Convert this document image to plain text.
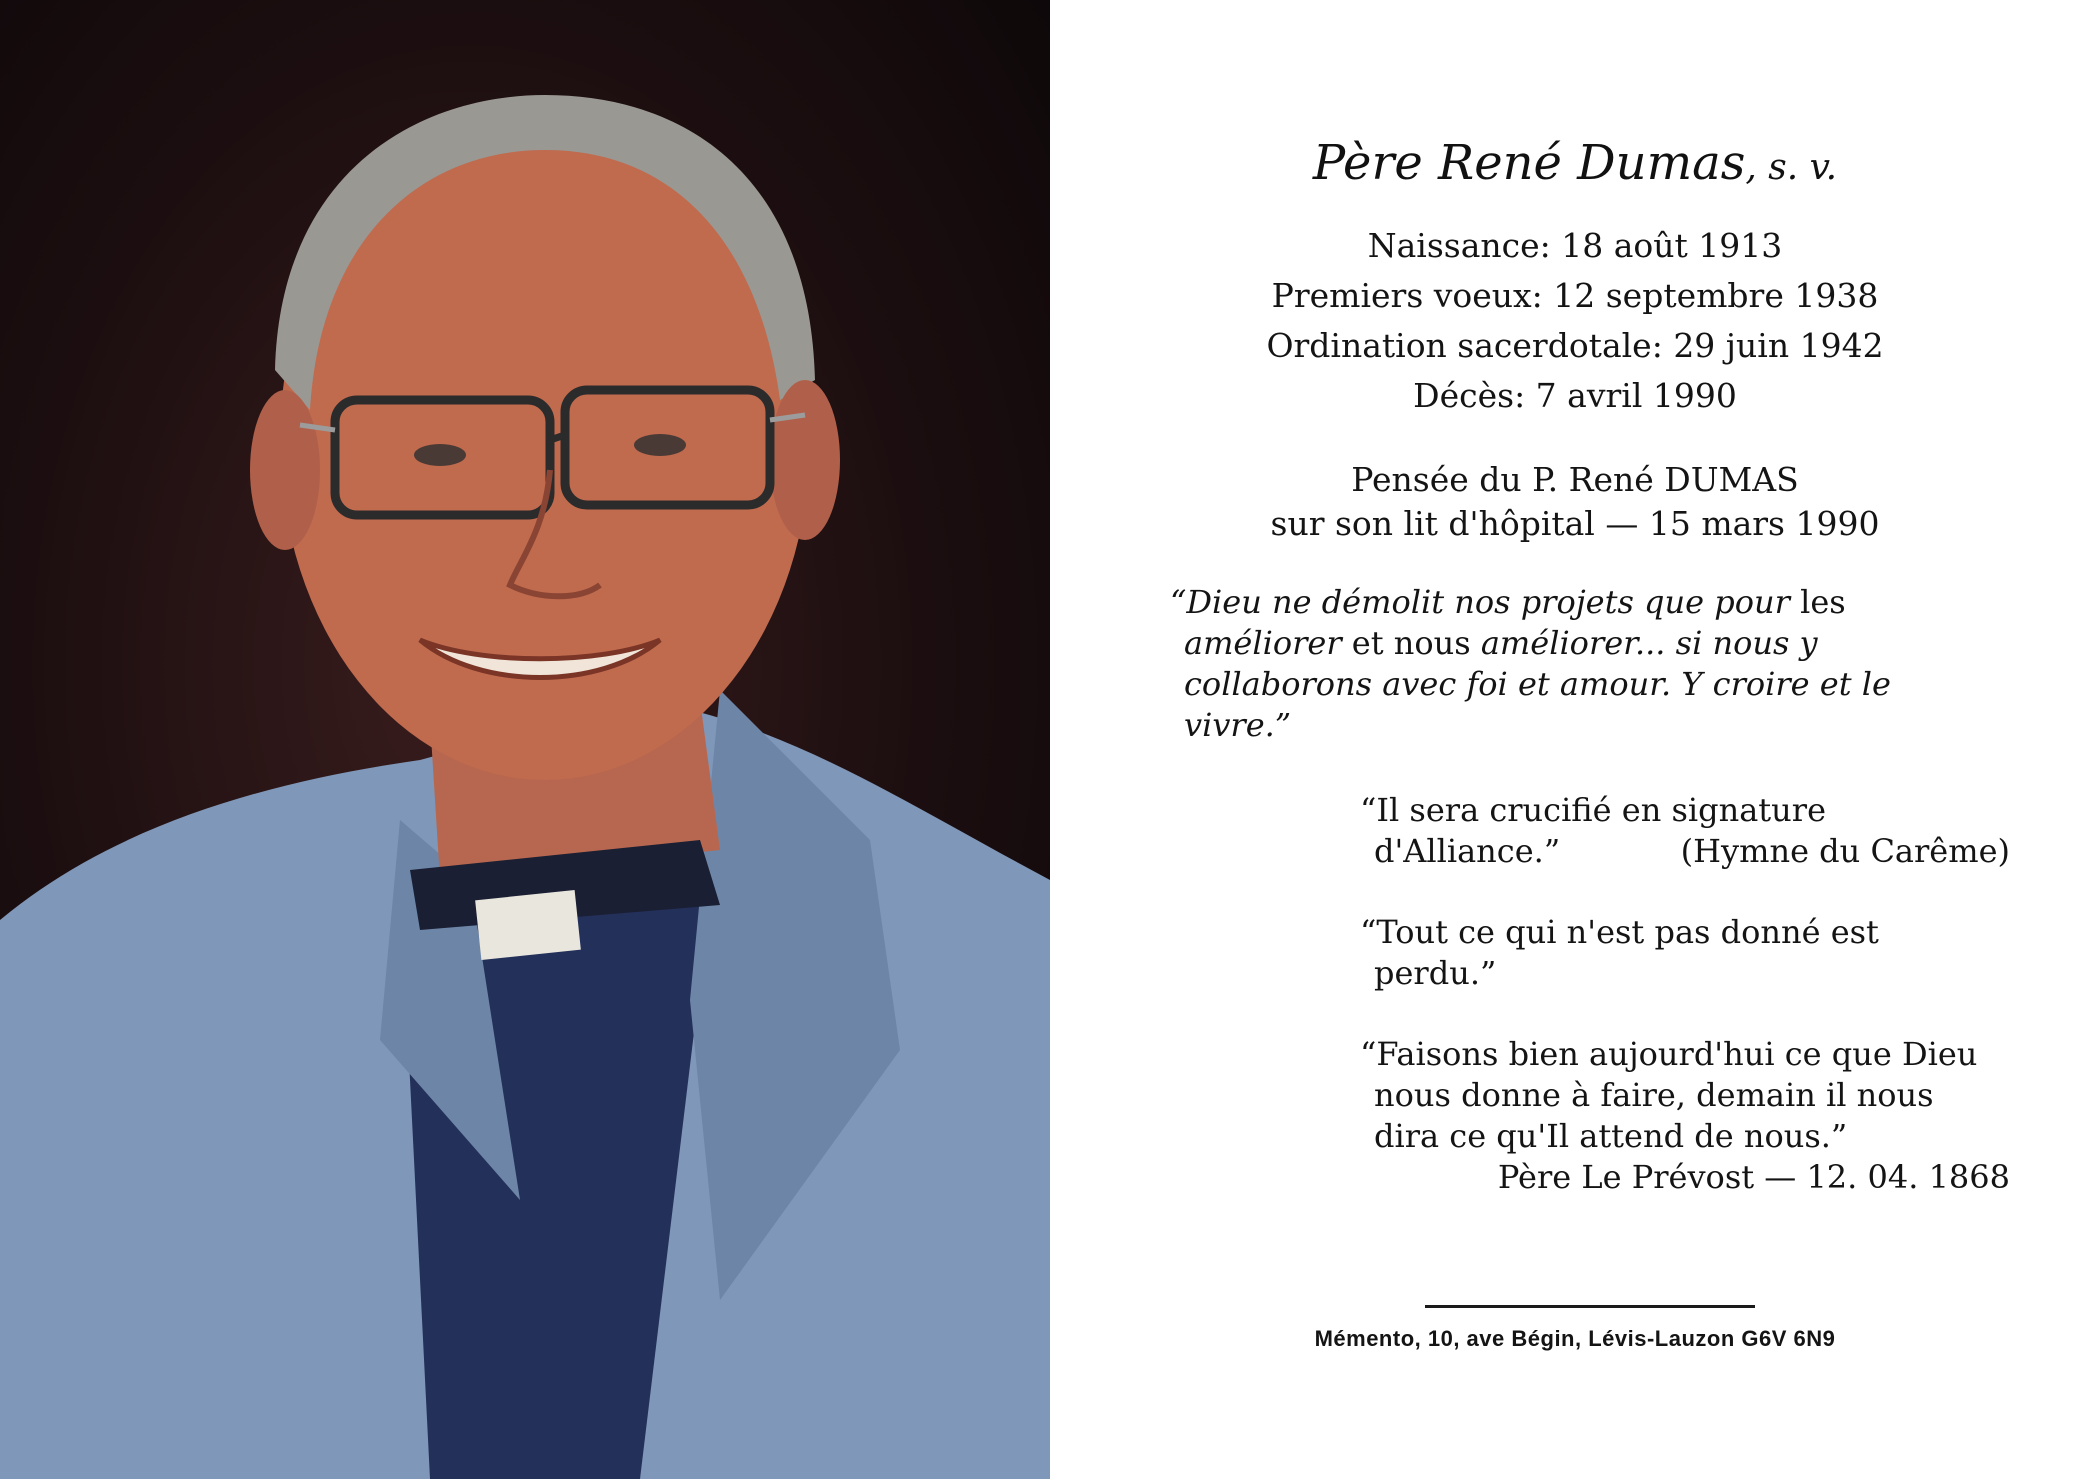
Père René Dumas, s. v.
Naissance: 18 août 1913
Premiers voeux: 12 septembre 1938
Ordination sacerdotale: 29 juin 1942
Décès: 7 avril 1990
Pensée du P. René DUMAS
sur son lit d'hôpital — 15 mars 1990
“Dieu ne démolit nos projets que pour les
améliorer et nous améliorer... si nous y
collaborons avec foi et amour. Y croire et le
vivre.”
“Il sera crucifié en signature
d'Alliance.”	(Hymne du Carême)
“Tout ce qui n'est pas donné est
perdu.”
“Faisons bien aujourd'hui ce que Dieu
nous donne à faire, demain il nous
dira ce qu'Il attend de nous.”
Père Le Prévost — 12. 04. 1868
Mémento, 10, ave Bégin, Lévis-Lauzon G6V 6N9
